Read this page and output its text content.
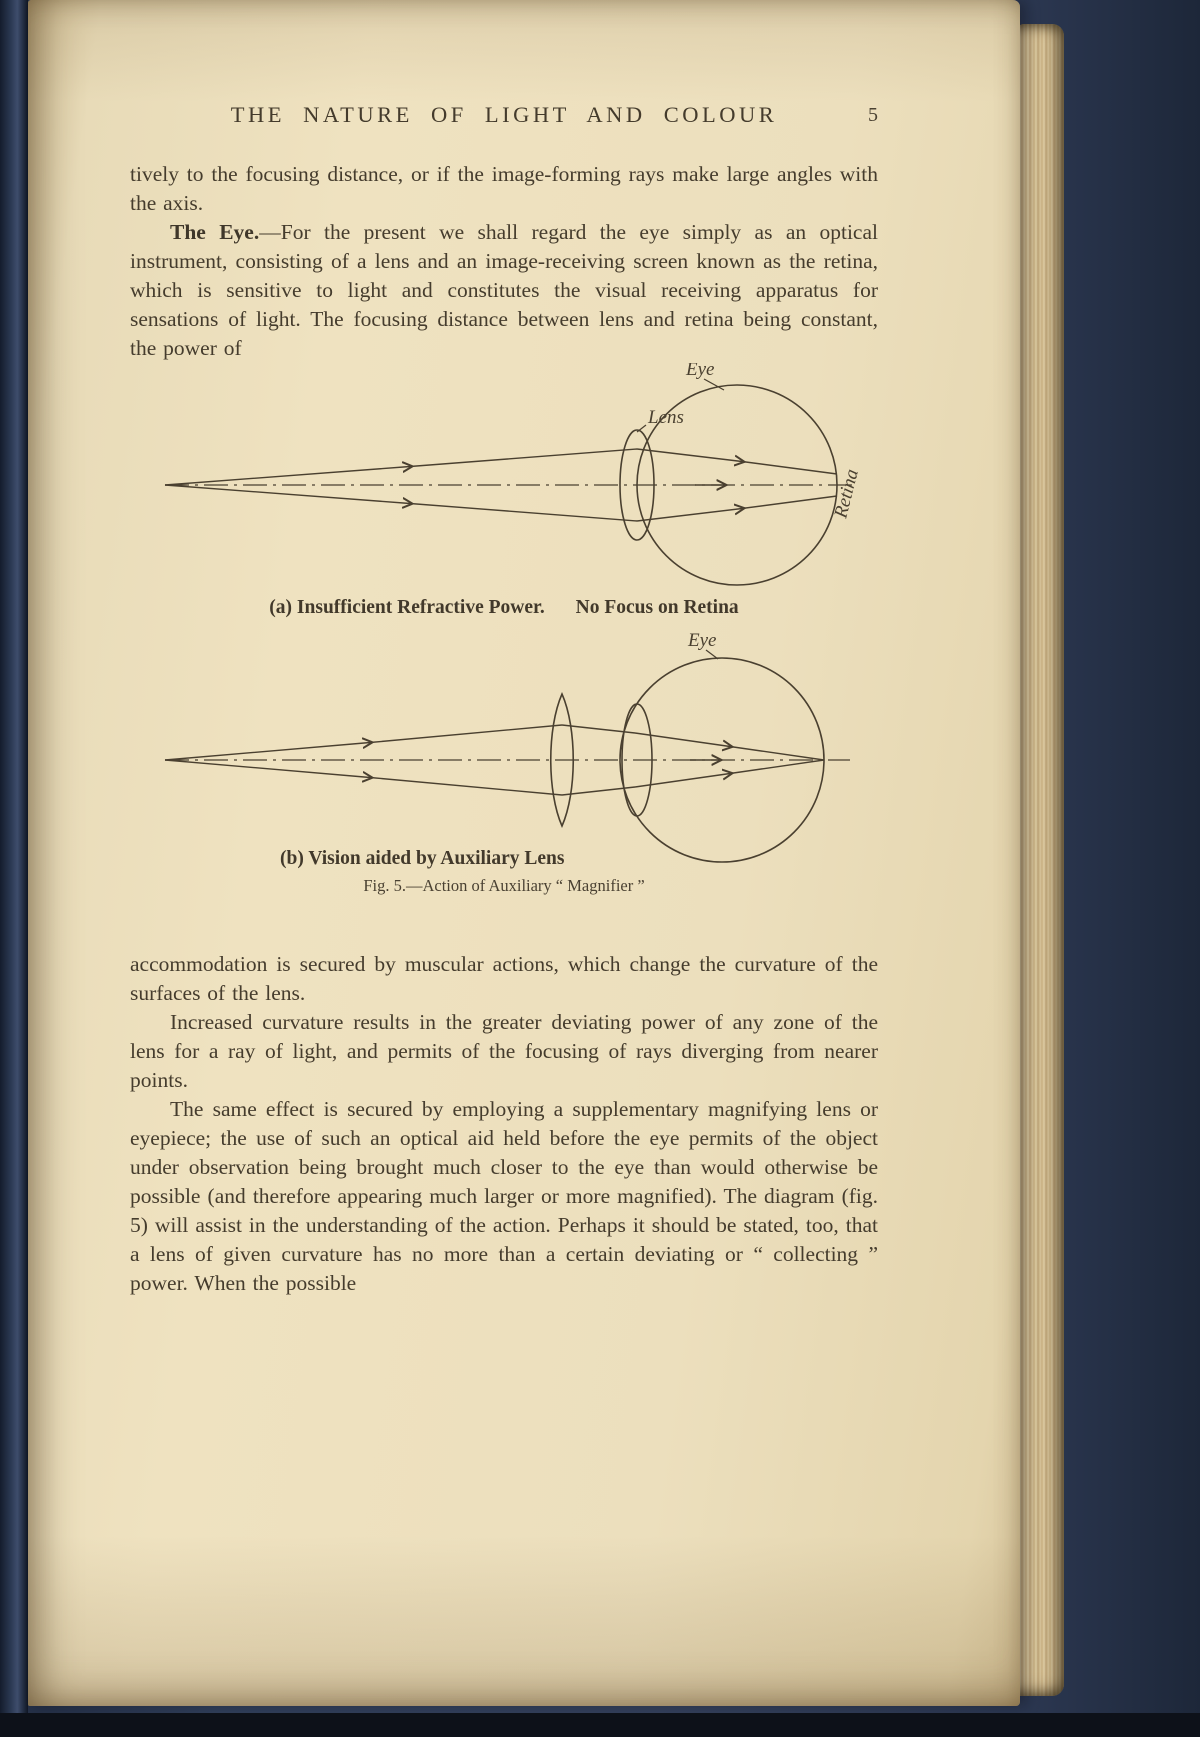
THE NATURE OF LIGHT AND COLOUR	5

tively to the focusing distance, or if the image-forming rays make large angles with the axis.

The Eye.—For the present we shall regard the eye simply as an optical instrument, consisting of a lens and an image-receiving screen known as the retina, which is sensitive to light and constitutes the visual receiving apparatus for sensations of light. The focusing distance between lens and retina being constant, the power of

Eye
Lens
Retina
(a) Insufficient Refractive Power. No Focus on Retina
Eye
(b) Vision aided by Auxiliary Lens
Fig. 5.—Action of Auxiliary “ Magnifier ”

accommodation is secured by muscular actions, which change the curvature of the surfaces of the lens.

Increased curvature results in the greater deviating power of any zone of the lens for a ray of light, and permits of the focusing of rays diverging from nearer points.

The same effect is secured by employing a supplementary magnifying lens or eyepiece; the use of such an optical aid held before the eye permits of the object under observation being brought much closer to the eye than would otherwise be possible (and therefore appearing much larger or more magnified). The diagram (fig. 5) will assist in the understanding of the action. Perhaps it should be stated, too, that a lens of given curvature has no more than a certain deviating or “ collecting ” power. When the possible
